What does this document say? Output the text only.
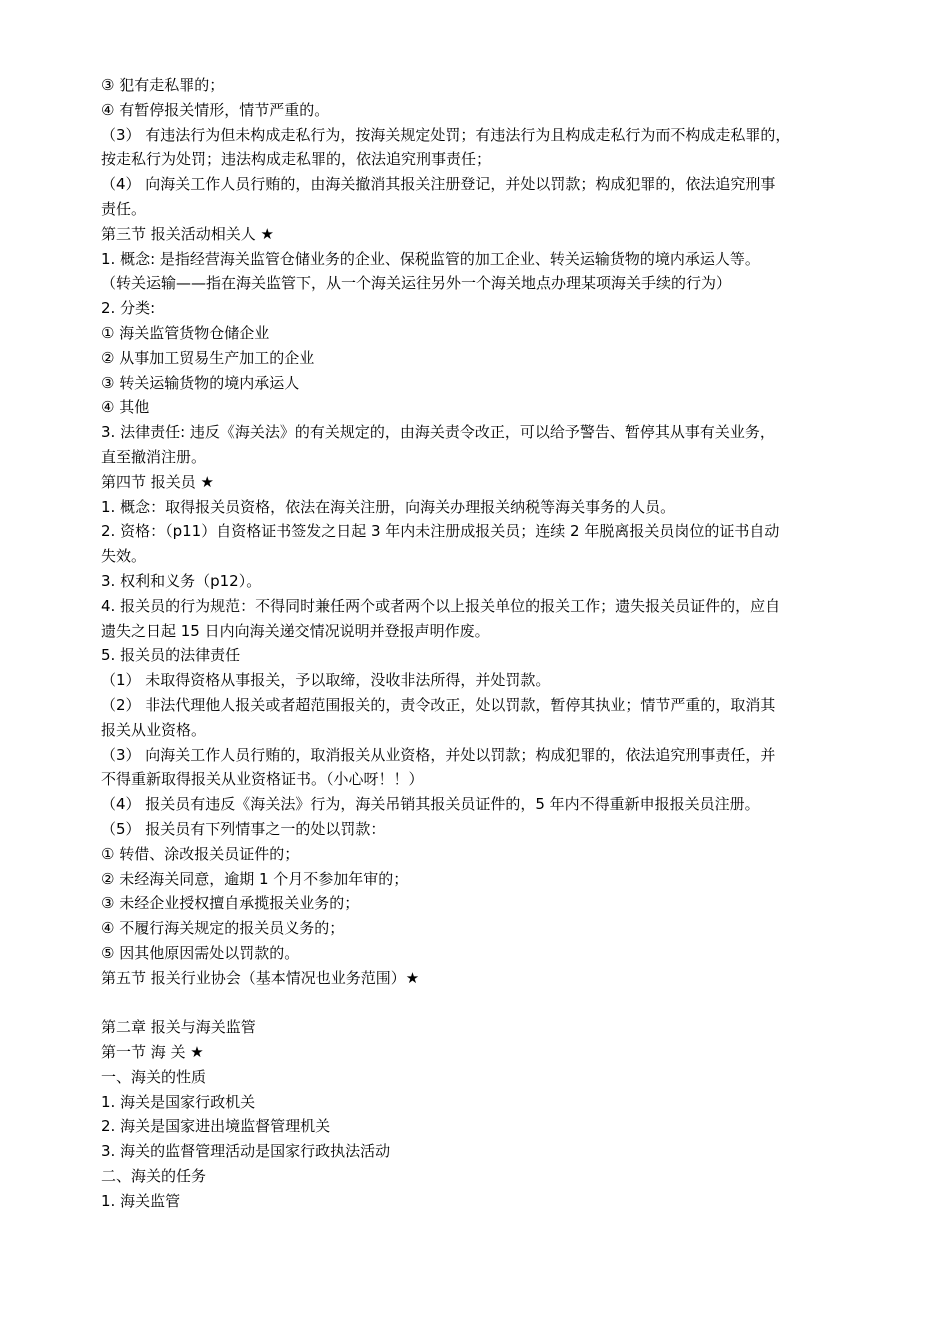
③ 犯有走私罪的；
④ 有暂停报关情形，情节严重的。
（3） 有违法行为但未构成走私行为，按海关规定处罚；有违法行为且构成走私行为而不构成走私罪的，
按走私行为处罚；违法构成走私罪的，依法追究刑事责任；
（4） 向海关工作人员行贿的，由海关撤消其报关注册登记，并处以罚款；构成犯罪的，依法追究刑事
责任。
第三节 报关活动相关人 ★
1. 概念: 是指经营海关监管仓储业务的企业、保税监管的加工企业、转关运输货物的境内承运人等。
（转关运输——指在海关监管下，从一个海关运往另外一个海关地点办理某项海关手续的行为）
2. 分类:
① 海关监管货物仓储企业
② 从事加工贸易生产加工的企业
③ 转关运输货物的境内承运人
④ 其他
3. 法律责任: 违反《海关法》的有关规定的，由海关责令改正，可以给予警告、暂停其从事有关业务，
直至撤消注册。
第四节 报关员 ★
1. 概念：取得报关员资格，依法在海关注册，向海关办理报关纳税等海关事务的人员。
2. 资格：（p11）自资格证书签发之日起 3 年内未注册成报关员；连续 2 年脱离报关员岗位的证书自动
失效。
3. 权利和义务（p12）。
4. 报关员的行为规范：不得同时兼任两个或者两个以上报关单位的报关工作；遗失报关员证件的，应自
遗失之日起 15 日内向海关递交情况说明并登报声明作废。
5. 报关员的法律责任
（1） 未取得资格从事报关，予以取缔，没收非法所得，并处罚款。
（2） 非法代理他人报关或者超范围报关的，责令改正，处以罚款，暂停其执业；情节严重的，取消其
报关从业资格。
（3） 向海关工作人员行贿的，取消报关从业资格，并处以罚款；构成犯罪的，依法追究刑事责任，并
不得重新取得报关从业资格证书。（小心呀！！）
（4） 报关员有违反《海关法》行为，海关吊销其报关员证件的，5 年内不得重新申报报关员注册。
（5） 报关员有下列情事之一的处以罚款：
① 转借、涂改报关员证件的；
② 未经海关同意，逾期 1 个月不参加年审的；
③ 未经企业授权擅自承揽报关业务的；
④ 不履行海关规定的报关员义务的；
⑤ 因其他原因需处以罚款的。
第五节 报关行业协会（基本情况也业务范围）★
第二章 报关与海关监管
第一节 海 关 ★
一、海关的性质
1. 海关是国家行政机关
2. 海关是国家进出境监督管理机关
3. 海关的监督管理活动是国家行政执法活动
二、海关的任务
1. 海关监管
